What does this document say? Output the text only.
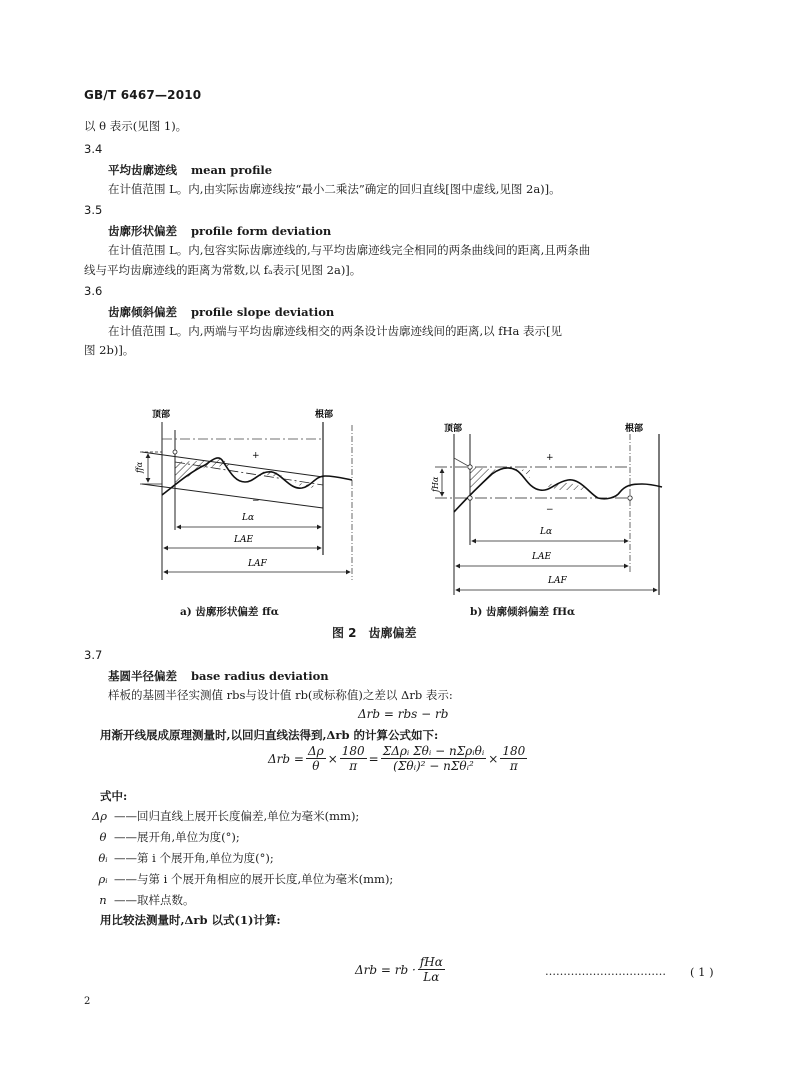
GB/T 6467—2010
以 θ 表示(见图 1)。
3.4
平均齿廓迹线 mean profile
在计值范围 L。内,由实际齿廓迹线按“最小二乘法”确定的回归直线[图中虚线,见图 2a)]。
3.5
齿廓形状偏差 profile form deviation
在计值范围 L。内,包容实际齿廓迹线的,与平均齿廓迹线完全相同的两条曲线间的距离,且两条曲
线与平均齿廓迹线的距离为常数,以 fₐ表示[见图 2a)]。
3.6
齿廓倾斜偏差 profile slope deviation
在计值范围 L。内,两端与平均齿廓迹线相交的两条设计齿廓迹线间的距离,以 fHa 表示[见
图 2b)]。
顶部	根部
ffα
+
−
Lα
LAE
LAF
顶部	根部
fHα
+
−
Lα
LAE
LAF
a) 齿廓形状偏差 ffα	b) 齿廓倾斜偏差 fHα
图 2　齿廓偏差
3.7
基圆半径偏差 base radius deviation
样板的基圆半径实测值 rbs与设计值 rb(或标称值)之差以 Δrb 表示:
Δrb = rbs − rb
用渐开线展成原理测量时,以回归直线法得到,Δrb 的计算公式如下:
$\Delta rb = \frac{\Delta\rho}{\theta} \times \frac{180}{\pi} = \frac{\text{ΣΔρᵢ Σθᵢ − nΣρᵢθᵢ}}{\text{(Σθᵢ)² − nΣθᵢ²}} \times \frac{180}{\pi}$
式中:
Δρ ——回归直线上展开长度偏差,单位为毫米(mm);
θ ——展开角,单位为度(°);
θᵢ ——第 i 个展开角,单位为度(°);
ρᵢ ——与第 i 个展开角相应的展开长度,单位为毫米(mm);
n ——取样点数。
用比较法测量时,Δrb 以式(1)计算:
Δrb = rb · $\frac{\text{fHα}}{L\alpha}$	…………………………… ( 1 )
2
